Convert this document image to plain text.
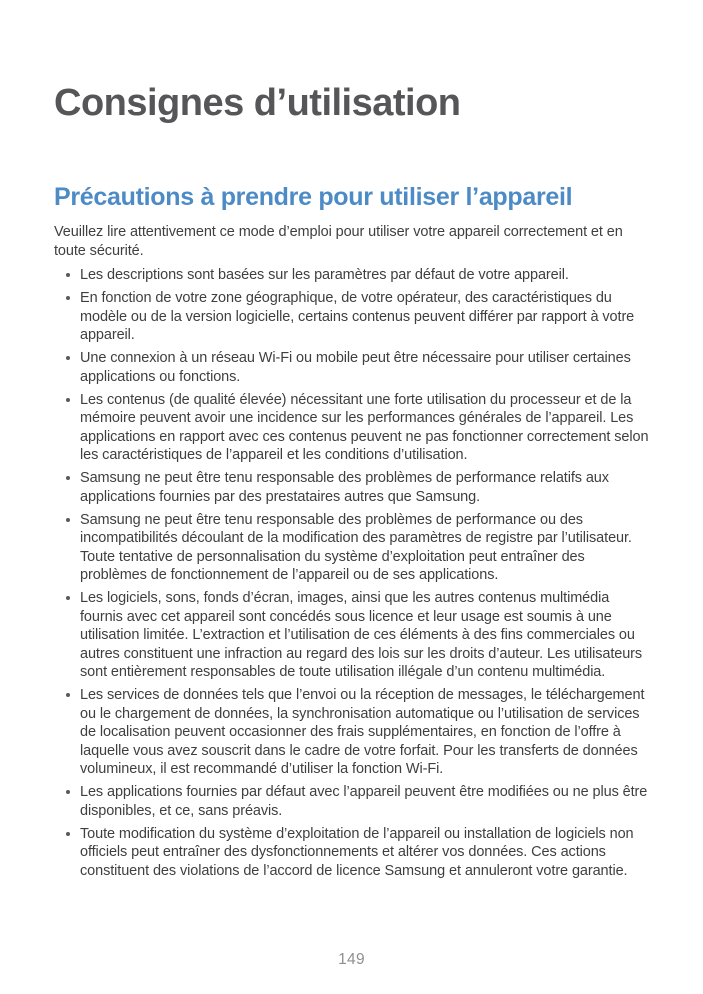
Consignes d’utilisation
Précautions à prendre pour utiliser l’appareil

Veuillez lire attentivement ce mode d’emploi pour utiliser votre appareil correctement et en toute sécurité.

Les descriptions sont basées sur les paramètres par défaut de votre appareil.
En fonction de votre zone géographique, de votre opérateur, des caractéristiques du modèle ou de la version logicielle, certains contenus peuvent différer par rapport à votre appareil.
Une connexion à un réseau Wi-Fi ou mobile peut être nécessaire pour utiliser certaines applications ou fonctions.
Les contenus (de qualité élevée) nécessitant une forte utilisation du processeur et de la mémoire peuvent avoir une incidence sur les performances générales de l’appareil. Les applications en rapport avec ces contenus peuvent ne pas fonctionner correctement selon les caractéristiques de l’appareil et les conditions d’utilisation.
Samsung ne peut être tenu responsable des problèmes de performance relatifs aux applications fournies par des prestataires autres que Samsung.
Samsung ne peut être tenu responsable des problèmes de performance ou des incompatibilités découlant de la modification des paramètres de registre par l’utilisateur. Toute tentative de personnalisation du système d’exploitation peut entraîner des problèmes de fonctionnement de l’appareil ou de ses applications.
Les logiciels, sons, fonds d’écran, images, ainsi que les autres contenus multimédia fournis avec cet appareil sont concédés sous licence et leur usage est soumis à une utilisation limitée. L’extraction et l’utilisation de ces éléments à des fins commerciales ou autres constituent une infraction au regard des lois sur les droits d’auteur. Les utilisateurs sont entièrement responsables de toute utilisation illégale d’un contenu multimédia.
Les services de données tels que l’envoi ou la réception de messages, le téléchargement ou le chargement de données, la synchronisation automatique ou l’utilisation de services de localisation peuvent occasionner des frais supplémentaires, en fonction de l’offre à laquelle vous avez souscrit dans le cadre de votre forfait. Pour les transferts de données volumineux, il est recommandé d’utiliser la fonction Wi-Fi.
Les applications fournies par défaut avec l’appareil peuvent être modifiées ou ne plus être disponibles, et ce, sans préavis.
Toute modification du système d’exploitation de l’appareil ou installation de logiciels non officiels peut entraîner des dysfonctionnements et altérer vos données. Ces actions constituent des violations de l’accord de licence Samsung et annuleront votre garantie.
149
